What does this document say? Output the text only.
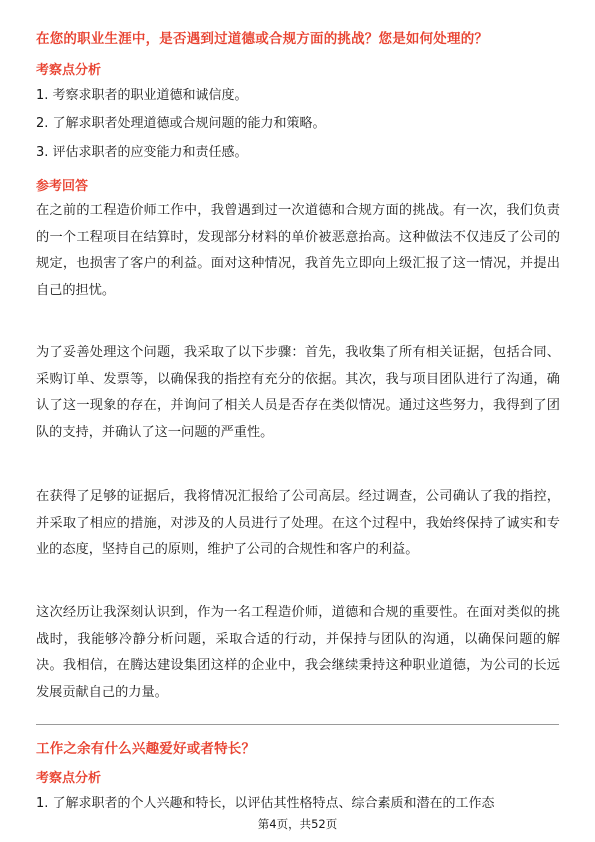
在您的职业生涯中，是否遇到过道德或合规方面的挑战？您是如何处理的？
考察点分析
1. 考察求职者的职业道德和诚信度。
2. 了解求职者处理道德或合规问题的能力和策略。
3. 评估求职者的应变能力和责任感。
参考回答

在之前的工程造价师工作中，我曾遇到过一次道德和合规方面的挑战。有一次，我们负责的一个工程项目在结算时，发现部分材料的单价被恶意抬高。这种做法不仅违反了公司的规定，也损害了客户的利益。面对这种情况，我首先立即向上级汇报了这一情况，并提出自己的担忧。

为了妥善处理这个问题，我采取了以下步骤：首先，我收集了所有相关证据，包括合同、采购订单、发票等，以确保我的指控有充分的依据。其次，我与项目团队进行了沟通，确认了这一现象的存在，并询问了相关人员是否存在类似情况。通过这些努力，我得到了团队的支持，并确认了这一问题的严重性。

在获得了足够的证据后，我将情况汇报给了公司高层。经过调查，公司确认了我的指控，并采取了相应的措施，对涉及的人员进行了处理。在这个过程中，我始终保持了诚实和专业的态度，坚持自己的原则，维护了公司的合规性和客户的利益。

这次经历让我深刻认识到，作为一名工程造价师，道德和合规的重要性。在面对类似的挑战时，我能够冷静分析问题，采取合适的行动，并保持与团队的沟通，以确保问题的解决。我相信，在腾达建设集团这样的企业中，我会继续秉持这种职业道德，为公司的长远发展贡献自己的力量。

工作之余有什么兴趣爱好或者特长？
考察点分析
1. 了解求职者的个人兴趣和特长，以评估其性格特点、综合素质和潜在的工作态
第4页，共52页
